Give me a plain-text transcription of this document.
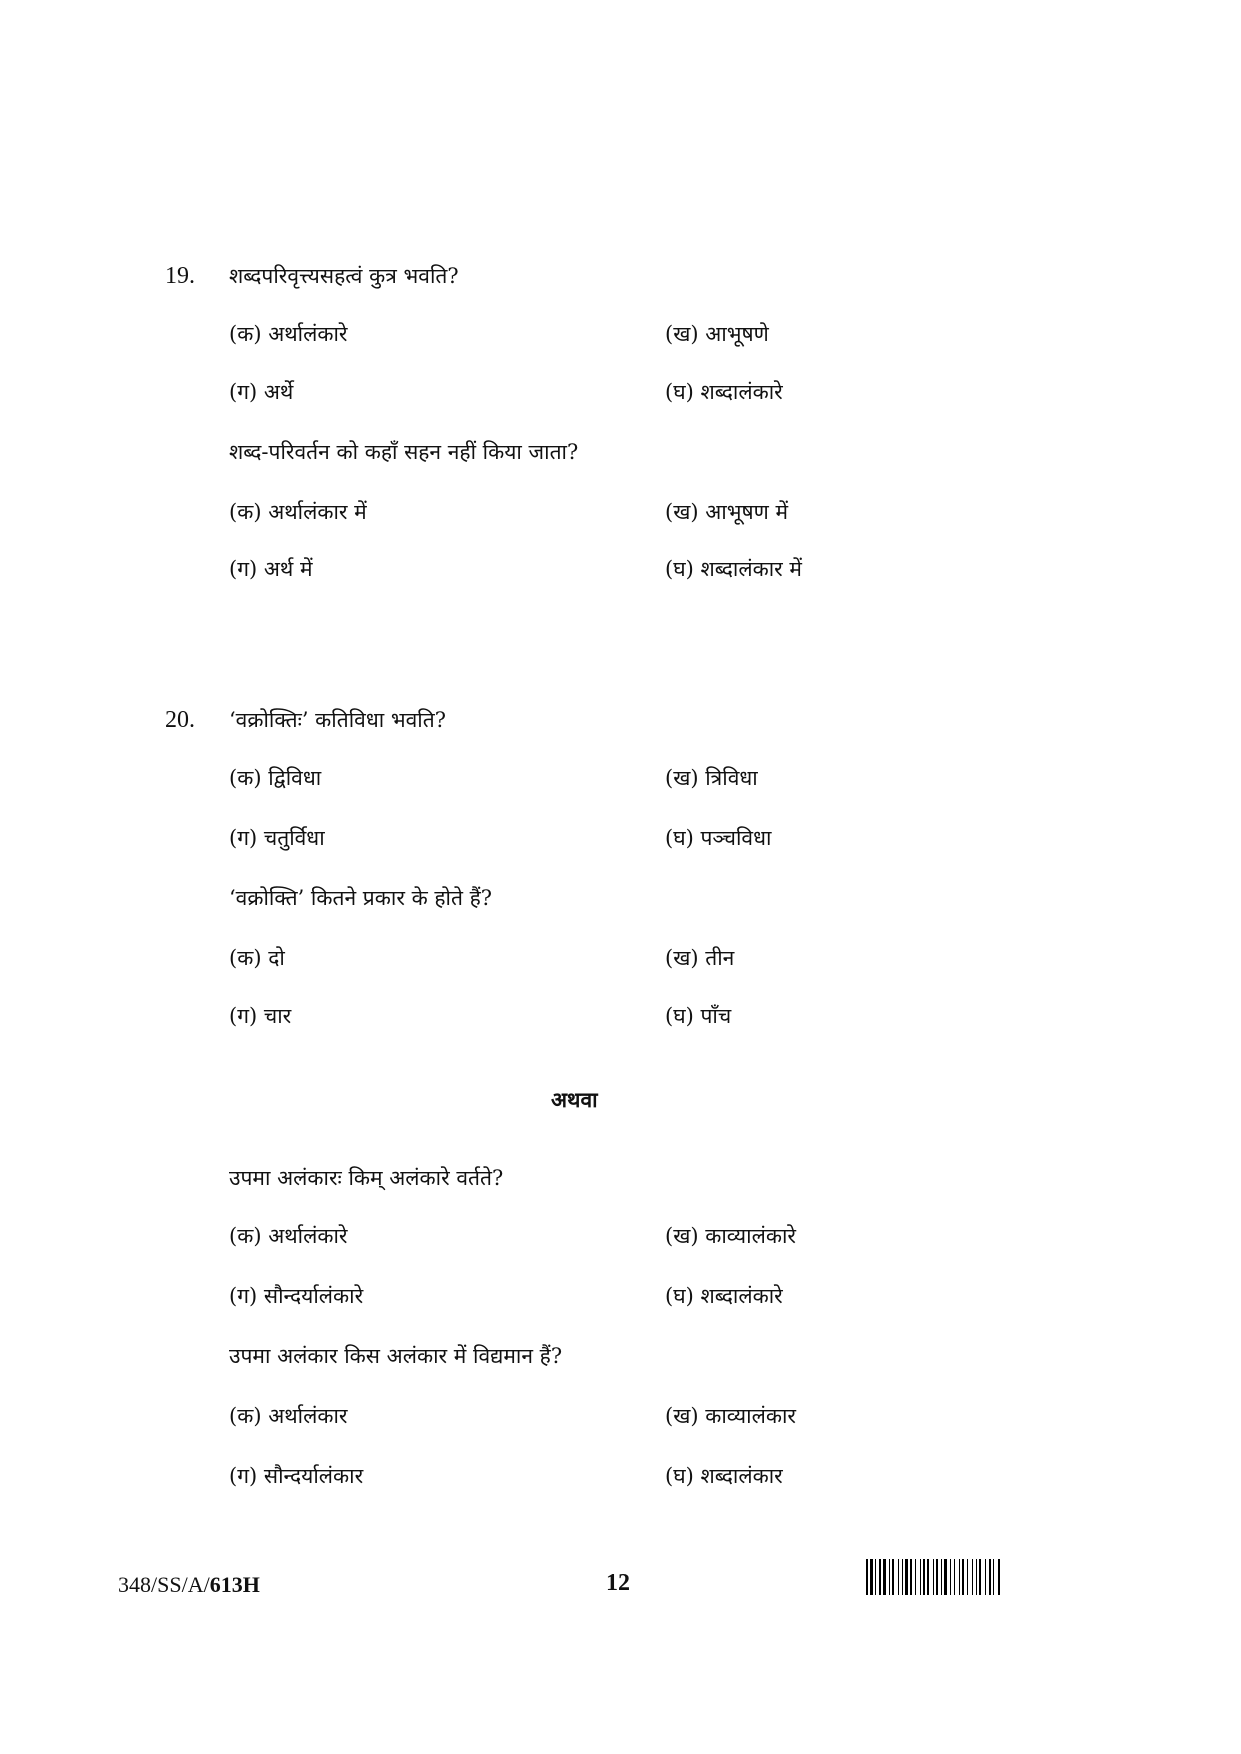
19. शब्दपरिवृत्त्यसहत्वं कुत्र भवति?
(क) अर्थालंकारे	(ख) आभूषणे
(ग) अर्थे	(घ) शब्दालंकारे
शब्द-परिवर्तन को कहाँ सहन नहीं किया जाता?
(क) अर्थालंकार में	(ख) आभूषण में
(ग) अर्थ में	(घ) शब्दालंकार में
20. ‘वक्रोक्तिः’ कतिविधा भवति?
(क) द्विविधा	(ख) त्रिविधा
(ग) चतुर्विधा	(घ) पञ्चविधा
‘वक्रोक्ति’ कितने प्रकार के होते हैं?
(क) दो	(ख) तीन
(ग) चार	(घ) पाँच
अथवा
उपमा अलंकारः किम् अलंकारे वर्तते?
(क) अर्थालंकारे	(ख) काव्यालंकारे
(ग) सौन्दर्यालंकारे	(घ) शब्दालंकारे
उपमा अलंकार किस अलंकार में विद्यमान हैं?
(क) अर्थालंकार	(ख) काव्यालंकार
(ग) सौन्दर्यालंकार	(घ) शब्दालंकार
348/SS/A/613H	12
